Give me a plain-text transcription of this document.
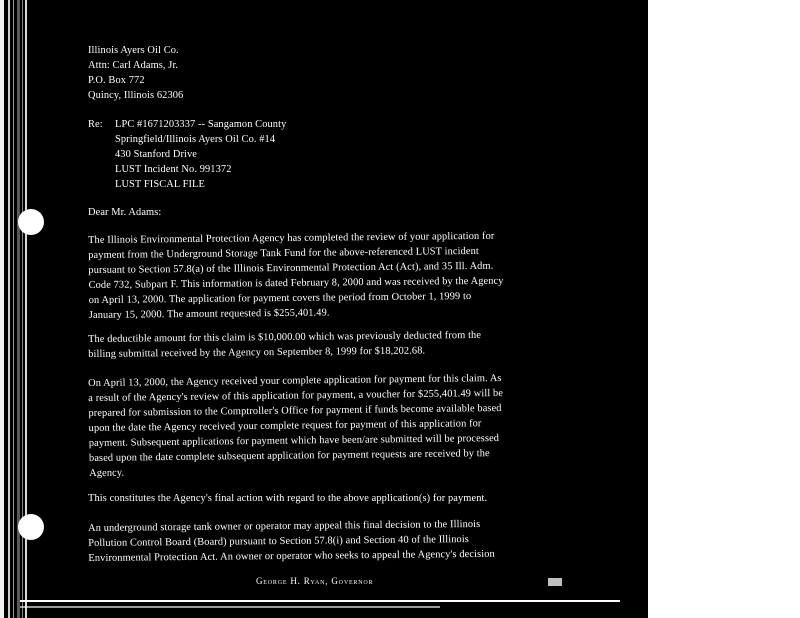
Illinois Ayers Oil Co.
Attn: Carl Adams, Jr.
P.O. Box 772
Quincy, Illinois 62306
Re: LPC #1671203337 -- Sangamon County
Springfield/Illinois Ayers Oil Co. #14
430 Stanford Drive
LUST Incident No. 991372
LUST FISCAL FILE
Dear Mr. Adams:
The Illinois Environmental Protection Agency has completed the review of your application for
payment from the Underground Storage Tank Fund for the above-referenced LUST incident
pursuant to Section 57.8(a) of the Illinois Environmental Protection Act (Act), and 35 Ill. Adm.
Code 732, Subpart F. This information is dated February 8, 2000 and was received by the Agency
on April 13, 2000. The application for payment covers the period from October 1, 1999 to
January 15, 2000. The amount requested is $255,401.49.
The deductible amount for this claim is $10,000.00 which was previously deducted from the
billing submittal received by the Agency on September 8, 1999 for $18,202.68.
On April 13, 2000, the Agency received your complete application for payment for this claim. As
a result of the Agency's review of this application for payment, a voucher for $255,401.49 will be
prepared for submission to the Comptroller's Office for payment if funds become available based
upon the date the Agency received your complete request for payment of this application for
payment. Subsequent applications for payment which have been/are submitted will be processed
based upon the date complete subsequent application for payment requests are received by the
Agency.
This constitutes the Agency's final action with regard to the above application(s) for payment.
An underground storage tank owner or operator may appeal this final decision to the Illinois
Pollution Control Board (Board) pursuant to Section 57.8(i) and Section 40 of the Illinois
Environmental Protection Act. An owner or operator who seeks to appeal the Agency's decision
George H. Ryan, Governor
